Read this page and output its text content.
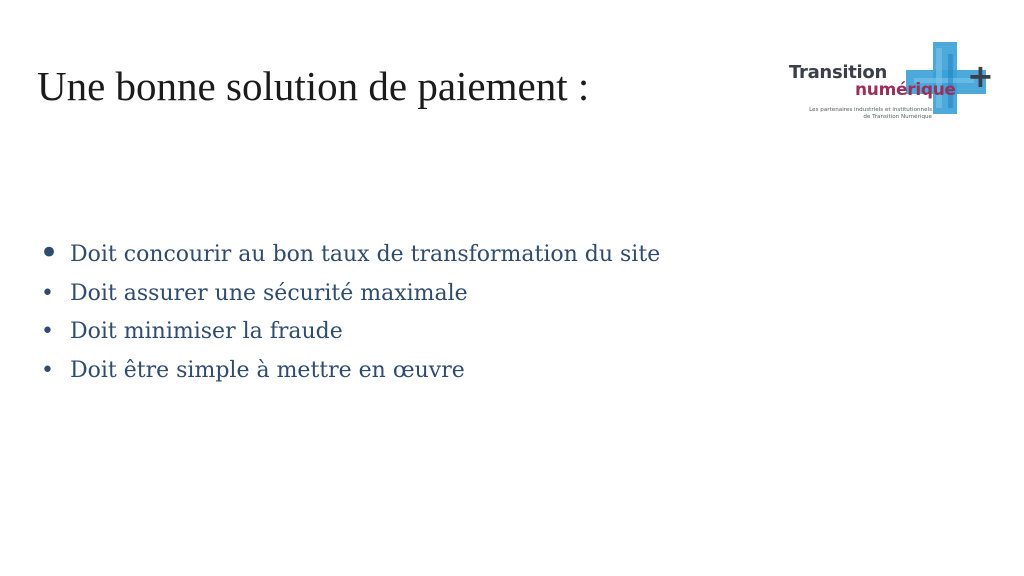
Une bonne solution de paiement :	Transition
numérique +
Les partenaires industriels et institutionnels
de Transition Numérique
• Doit concourir au bon taux de transformation du site
• Doit assurer une sécurité maximale
• Doit minimiser la fraude
• Doit être simple à mettre en œuvre
